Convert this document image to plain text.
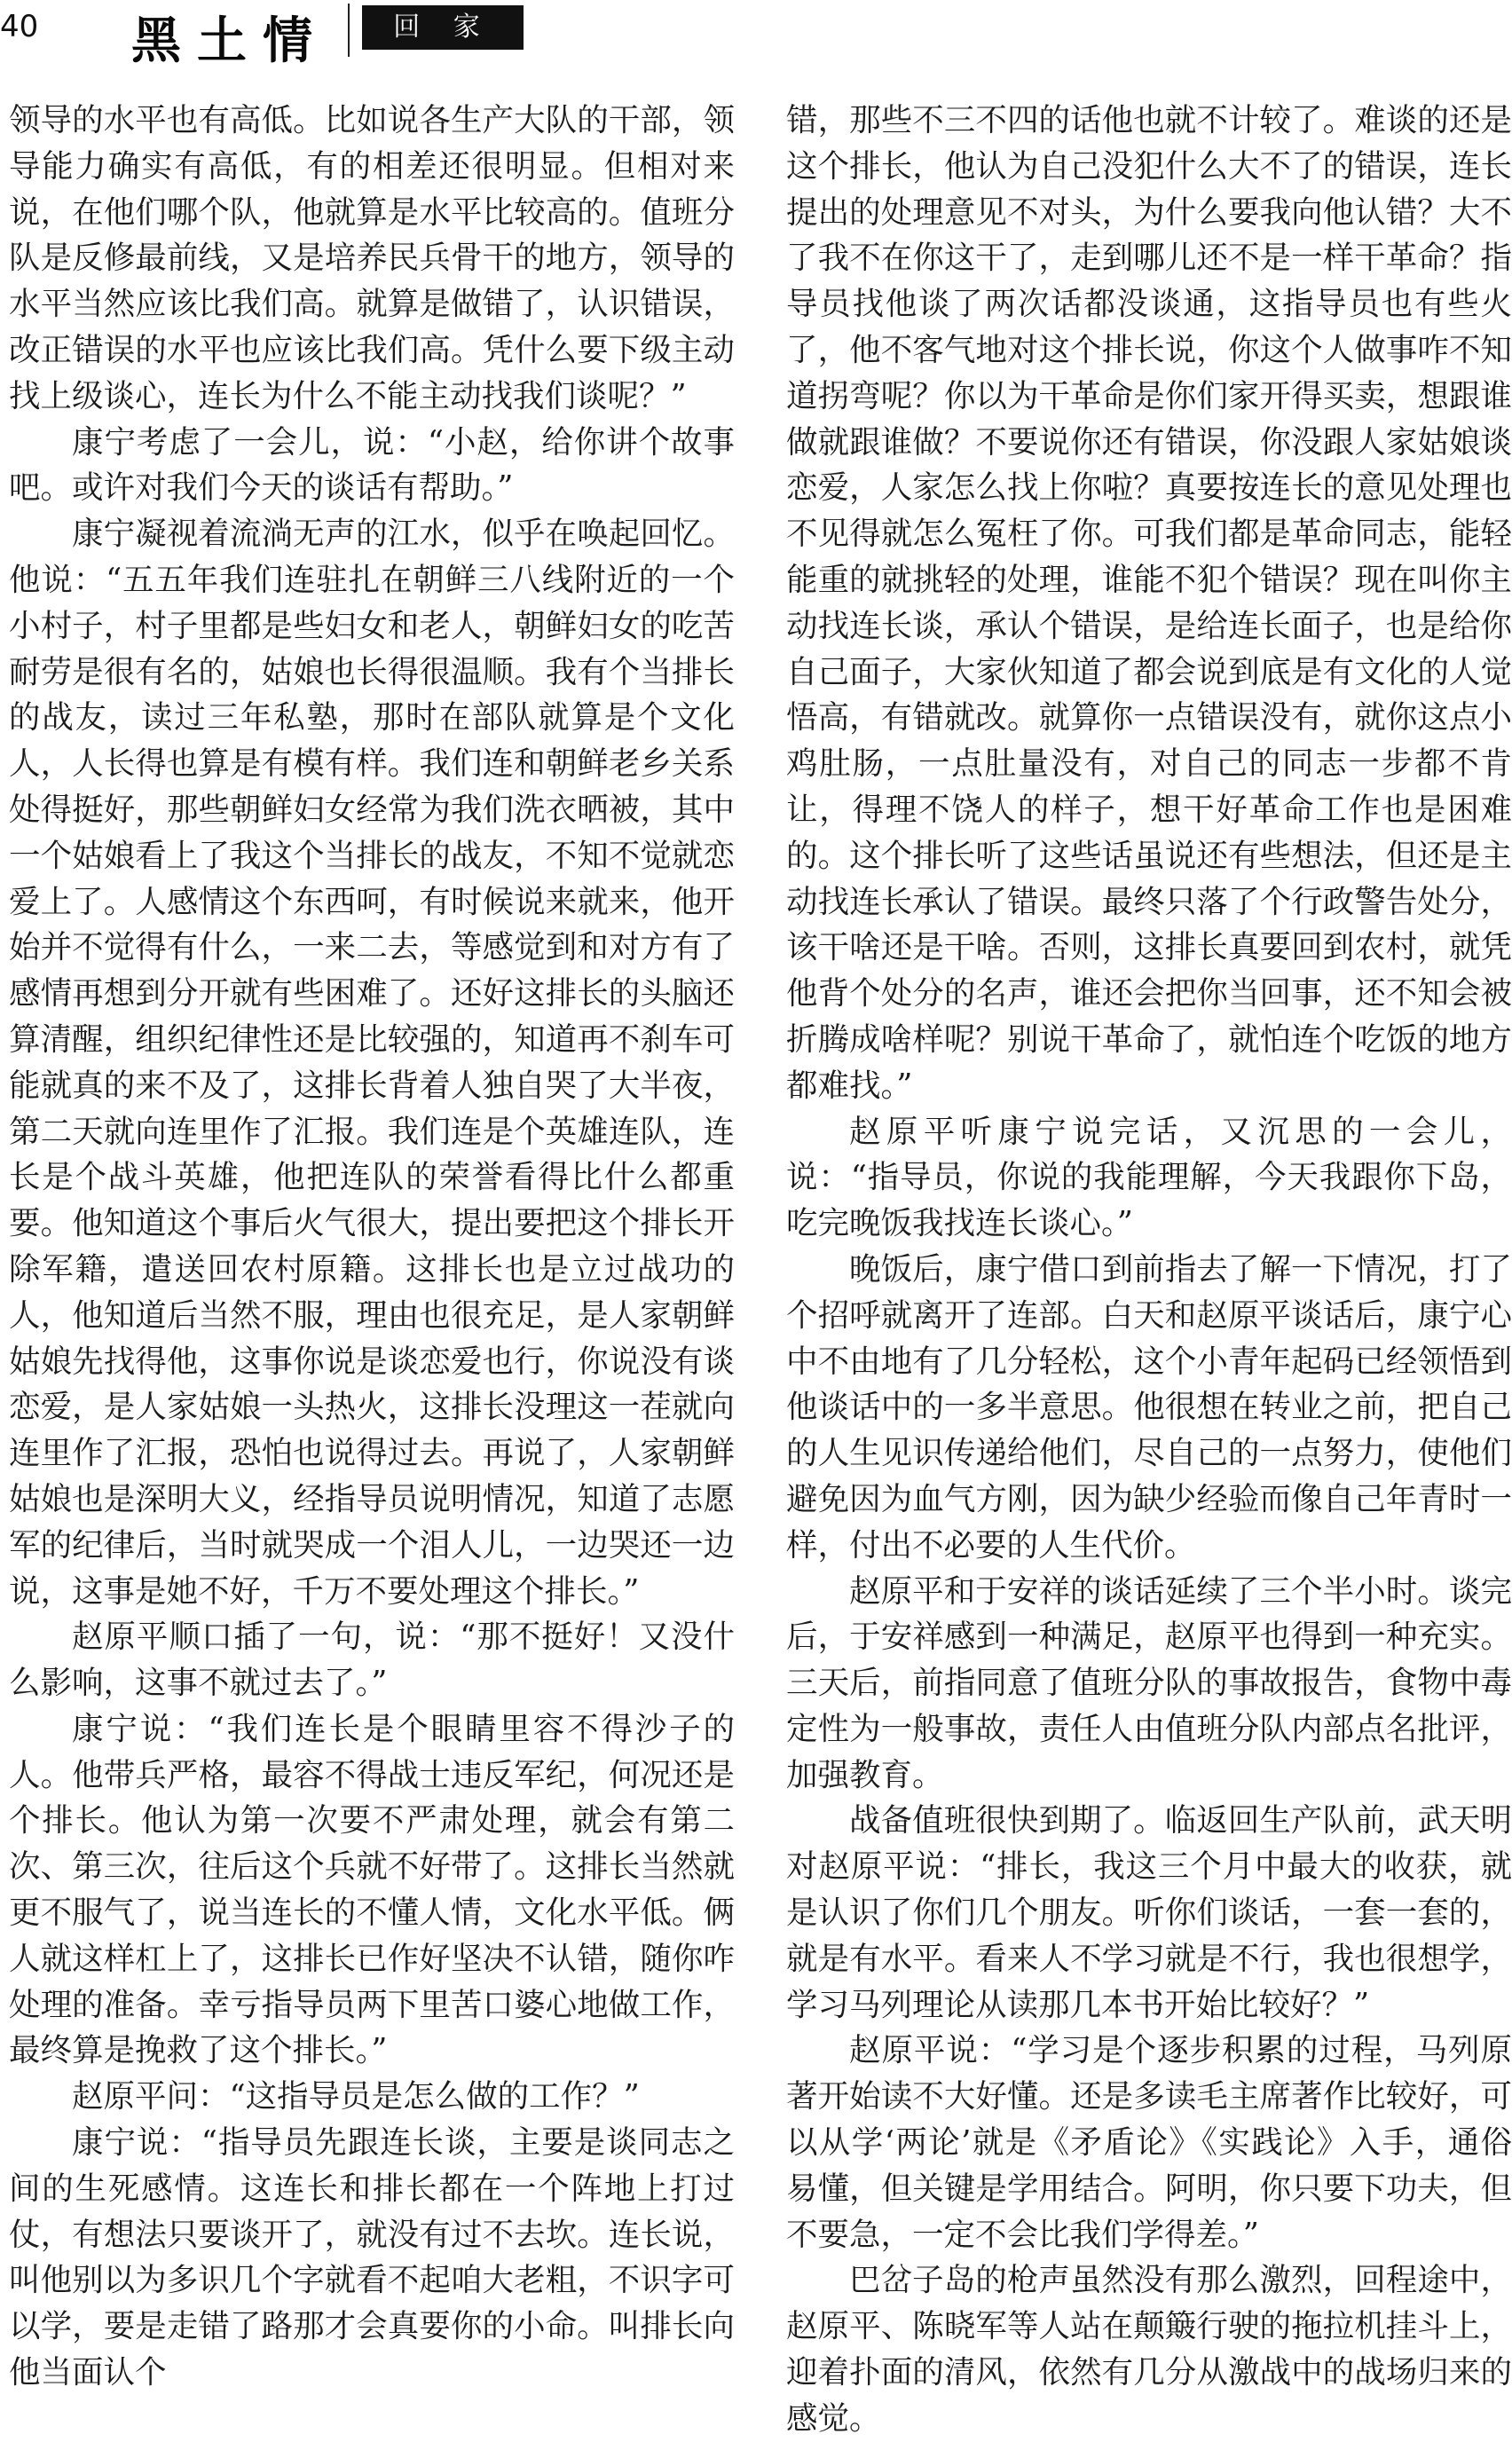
40 黑土情	回 家

领导的水平也有高低。比如说各生产大队的干部，领导能力确实有高低，有的相差还很明显。但相对来说，在他们哪个队，他就算是水平比较高的。值班分队是反修最前线，又是培养民兵骨干的地方，领导的水平当然应该比我们高。就算是做错了，认识错误，改正错误的水平也应该比我们高。凭什么要下级主动找上级谈心，连长为什么不能主动找我们谈呢？”

康宁考虑了一会儿，说：“小赵，给你讲个故事吧。或许对我们今天的谈话有帮助。”

康宁凝视着流淌无声的江水，似乎在唤起回忆。他说：“五五年我们连驻扎在朝鲜三八线附近的一个小村子，村子里都是些妇女和老人，朝鲜妇女的吃苦耐劳是很有名的，姑娘也长得很温顺。我有个当排长的战友，读过三年私塾，那时在部队就算是个文化人，人长得也算是有模有样。我们连和朝鲜老乡关系处得挺好，那些朝鲜妇女经常为我们洗衣晒被，其中一个姑娘看上了我这个当排长的战友，不知不觉就恋爱上了。人感情这个东西呵，有时候说来就来，他开始并不觉得有什么，一来二去，等感觉到和对方有了感情再想到分开就有些困难了。还好这排长的头脑还算清醒，组织纪律性还是比较强的，知道再不刹车可能就真的来不及了，这排长背着人独自哭了大半夜，第二天就向连里作了汇报。我们连是个英雄连队，连长是个战斗英雄，他把连队的荣誉看得比什么都重要。他知道这个事后火气很大，提出要把这个排长开除军籍，遣送回农村原籍。这排长也是立过战功的人，他知道后当然不服，理由也很充足，是人家朝鲜姑娘先找得他，这事你说是谈恋爱也行，你说没有谈恋爱，是人家姑娘一头热火，这排长没理这一茬就向连里作了汇报，恐怕也说得过去。再说了，人家朝鲜姑娘也是深明大义，经指导员说明情况，知道了志愿军的纪律后，当时就哭成一个泪人儿，一边哭还一边说，这事是她不好，千万不要处理这个排长。”

赵原平顺口插了一句，说：“那不挺好！又没什么影响，这事不就过去了。”

康宁说：“我们连长是个眼睛里容不得沙子的人。他带兵严格，最容不得战士违反军纪，何况还是个排长。他认为第一次要不严肃处理，就会有第二次、第三次，往后这个兵就不好带了。这排长当然就更不服气了，说当连长的不懂人情，文化水平低。俩人就这样杠上了，这排长已作好坚决不认错，随你咋处理的准备。幸亏指导员两下里苦口婆心地做工作，最终算是挽救了这个排长。”

赵原平问：“这指导员是怎么做的工作？”

康宁说：“指导员先跟连长谈，主要是谈同志之间的生死感情。这连长和排长都在一个阵地上打过仗，有想法只要谈开了，就没有过不去坎。连长说，叫他别以为多识几个字就看不起咱大老粗，不识字可以学，要是走错了路那才会真要你的小命。叫排长向他当面认个

错，那些不三不四的话他也就不计较了。难谈的还是这个排长，他认为自己没犯什么大不了的错误，连长提出的处理意见不对头，为什么要我向他认错？大不了我不在你这干了，走到哪儿还不是一样干革命？指导员找他谈了两次话都没谈通，这指导员也有些火了，他不客气地对这个排长说，你这个人做事咋不知道拐弯呢？你以为干革命是你们家开得买卖，想跟谁做就跟谁做？不要说你还有错误，你没跟人家姑娘谈恋爱，人家怎么找上你啦？真要按连长的意见处理也不见得就怎么冤枉了你。可我们都是革命同志，能轻能重的就挑轻的处理，谁能不犯个错误？现在叫你主动找连长谈，承认个错误，是给连长面子，也是给你自己面子，大家伙知道了都会说到底是有文化的人觉悟高，有错就改。就算你一点错误没有，就你这点小鸡肚肠，一点肚量没有，对自己的同志一步都不肯让，得理不饶人的样子，想干好革命工作也是困难的。这个排长听了这些话虽说还有些想法，但还是主动找连长承认了错误。最终只落了个行政警告处分，该干啥还是干啥。否则，这排长真要回到农村，就凭他背个处分的名声，谁还会把你当回事，还不知会被折腾成啥样呢？别说干革命了，就怕连个吃饭的地方都难找。”

赵原平听康宁说完话，又沉思的一会儿，说：“指导员，你说的我能理解，今天我跟你下岛，吃完晚饭我找连长谈心。”

晚饭后，康宁借口到前指去了解一下情况，打了个招呼就离开了连部。白天和赵原平谈话后，康宁心中不由地有了几分轻松，这个小青年起码已经领悟到他谈话中的一多半意思。他很想在转业之前，把自己的人生见识传递给他们，尽自己的一点努力，使他们避免因为血气方刚，因为缺少经验而像自己年青时一样，付出不必要的人生代价。

赵原平和于安祥的谈话延续了三个半小时。谈完后，于安祥感到一种满足，赵原平也得到一种充实。三天后，前指同意了值班分队的事故报告，食物中毒定性为一般事故，责任人由值班分队内部点名批评，加强教育。

战备值班很快到期了。临返回生产队前，武天明对赵原平说：“排长，我这三个月中最大的收获，就是认识了你们几个朋友。听你们谈话，一套一套的，就是有水平。看来人不学习就是不行，我也很想学，学习马列理论从读那几本书开始比较好？”

赵原平说：“学习是个逐步积累的过程，马列原著开始读不大好懂。还是多读毛主席著作比较好，可以从学‘两论’就是《矛盾论》《实践论》入手，通俗易懂，但关键是学用结合。阿明，你只要下功夫，但不要急，一定不会比我们学得差。”

巴岔子岛的枪声虽然没有那么激烈，回程途中，赵原平、陈晓军等人站在颠簸行驶的拖拉机挂斗上，迎着扑面的清风，依然有几分从激战中的战场归来的感觉。
